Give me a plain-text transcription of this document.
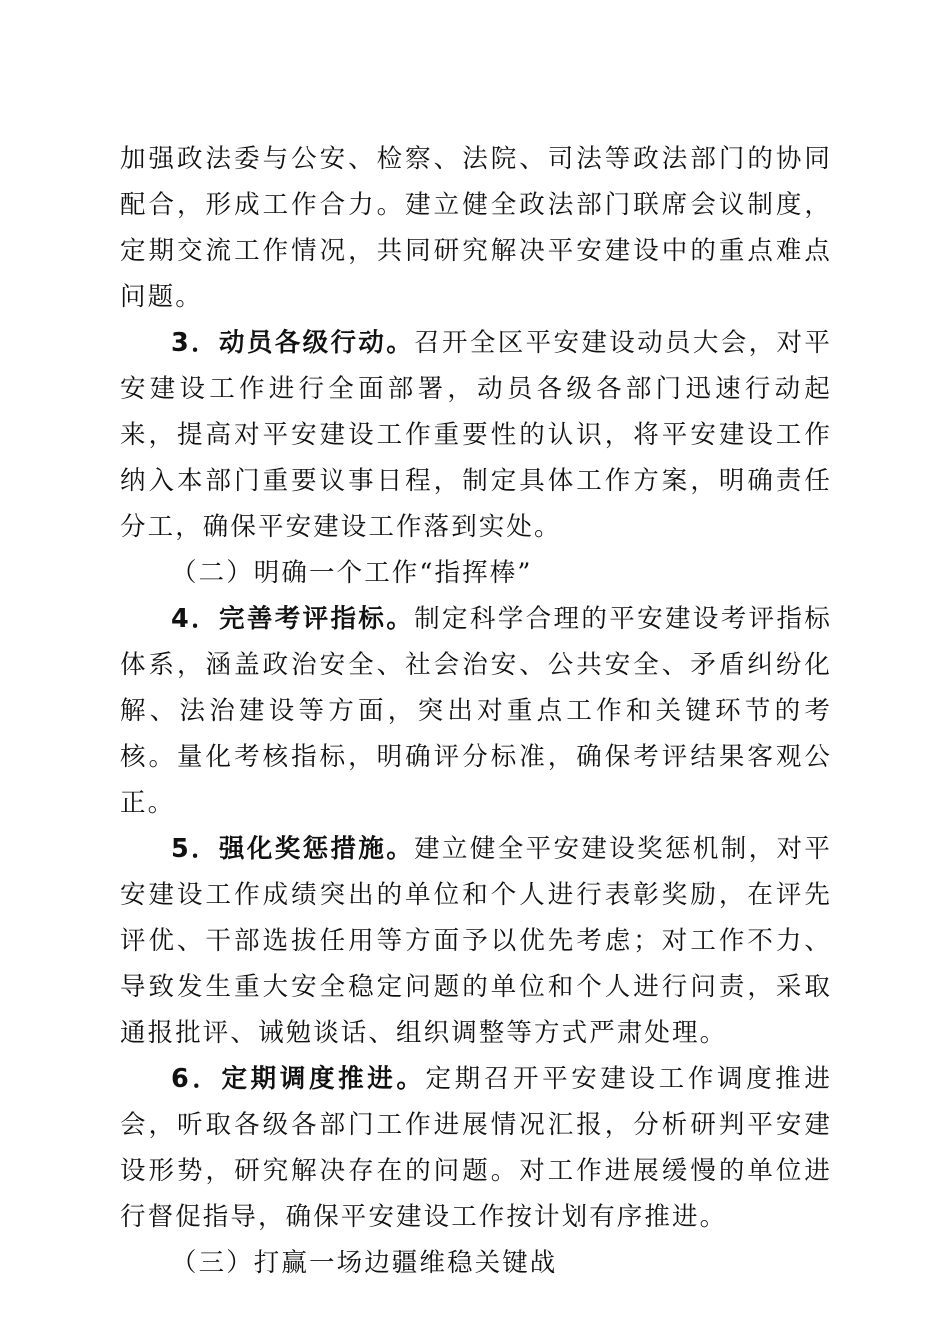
加强政法委与公安、检察、法院、司法等政法部门的协同配合，形成工作合力。建立健全政法部门联席会议制度，定期交流工作情况，共同研究解决平安建设中的重点难点问题。

3．动员各级行动。召开全区平安建设动员大会，对平安建设工作进行全面部署，动员各级各部门迅速行动起来，提高对平安建设工作重要性的认识，将平安建设工作纳入本部门重要议事日程，制定具体工作方案，明确责任分工，确保平安建设工作落到实处。

（二）明确一个工作“指挥棒”

4．完善考评指标。制定科学合理的平安建设考评指标体系，涵盖政治安全、社会治安、公共安全、矛盾纠纷化解、法治建设等方面，突出对重点工作和关键环节的考核。量化考核指标，明确评分标准，确保考评结果客观公正。

5．强化奖惩措施。建立健全平安建设奖惩机制，对平安建设工作成绩突出的单位和个人进行表彰奖励，在评先评优、干部选拔任用等方面予以优先考虑；对工作不力、导致发生重大安全稳定问题的单位和个人进行问责，采取通报批评、诫勉谈话、组织调整等方式严肃处理。

6．定期调度推进。定期召开平安建设工作调度推进会，听取各级各部门工作进展情况汇报，分析研判平安建设形势，研究解决存在的问题。对工作进展缓慢的单位进行督促指导，确保平安建设工作按计划有序推进。

（三）打赢一场边疆维稳关键战
